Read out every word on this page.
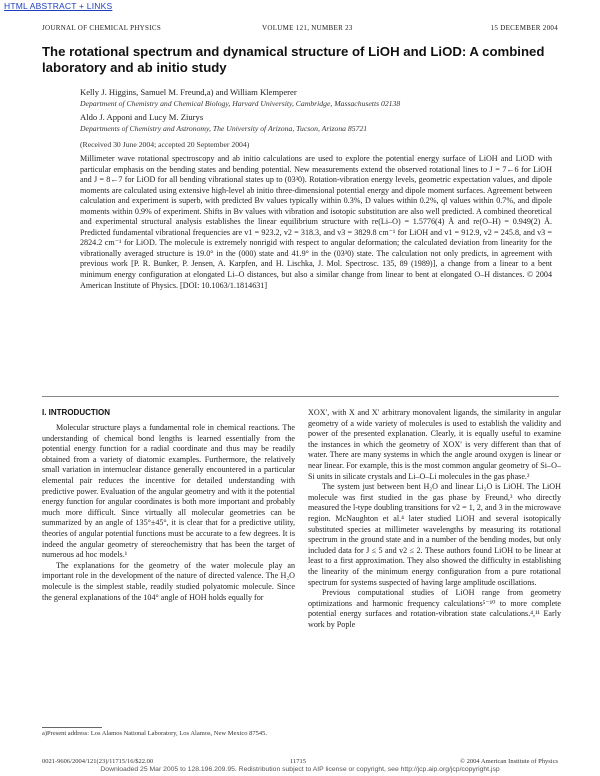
HTML ABSTRACT + LINKS
JOURNAL OF CHEMICAL PHYSICS	VOLUME 121, NUMBER 23	15 DECEMBER 2004
The rotational spectrum and dynamical structure of LiOH and LiOD: A combined laboratory and ab initio study
Kelly J. Higgins, Samuel M. Freund,a) and William Klemperer
Department of Chemistry and Chemical Biology, Harvard University, Cambridge, Massachusetts 02138
Aldo J. Apponi and Lucy M. Ziurys
Departments of Chemistry and Astronomy, The University of Arizona, Tucson, Arizona 85721
(Received 30 June 2004; accepted 20 September 2004)

Millimeter wave rotational spectroscopy and ab initio calculations are used to explore the potential energy surface of LiOH and LiOD with particular emphasis on the bending states and bending potential. New measurements extend the observed rotational lines to J = 7←6 for LiOH and J = 8←7 for LiOD for all bending vibrational states up to (03³0). Rotation-vibration energy levels, geometric expectation values, and dipole moments are calculated using extensive high-level ab initio three-dimensional potential energy and dipole moment surfaces. Agreement between calculation and experiment is superb, with predicted Bv values typically within 0.3%, D values within 0.2%, ql values within 0.7%, and dipole moments within 0.9% of experiment. Shifts in Bv values with vibration and isotopic substitution are also well predicted. A combined theoretical and experimental structural analysis establishes the linear equilibrium structure with re(Li–O) = 1.5776(4) Å and re(O–H) = 0.949(2) Å. Predicted fundamental vibrational frequencies are v1 = 923.2, v2 = 318.3, and v3 = 3829.8 cm⁻¹ for LiOH and v1 = 912.9, v2 = 245.8, and v3 = 2824.2 cm⁻¹ for LiOD. The molecule is extremely nonrigid with respect to angular deformation; the calculated deviation from linearity for the vibrationally averaged structure is 19.0° in the (000) state and 41.9° in the (03³0) state. The calculation not only predicts, in agreement with previous work [P. R. Bunker, P. Jensen, A. Karpfen, and H. Lischka, J. Mol. Spectrosc. 135, 89 (1989)], a change from a linear to a bent minimum energy configuration at elongated Li–O distances, but also a similar change from linear to bent at elongated O–H distances. © 2004 American Institute of Physics. [DOI: 10.1063/1.1814631]

I. INTRODUCTION

Molecular structure plays a fundamental role in chemical reactions. The understanding of chemical bond lengths is learned essentially from the potential energy function for a radial coordinate and thus may be readily obtained from a variety of diatomic examples. Furthermore, the relatively small variation in internuclear distance generally encountered in a particular elemental pair reduces the incentive for detailed understanding with predictive power. Evaluation of the angular geometry and with it the potential energy function for angular coordinates is both more important and probably much more difficult. Since virtually all molecular geometries can be summarized by an angle of 135°±45°, it is clear that for a predictive utility, theories of angular potential functions must be accurate to a few degrees. It is indeed the angular geometry of stereochemistry that has been the target of numerous ad hoc models.¹

The explanations for the geometry of the water molecule play an important role in the development of the nature of directed valence. The H₂O molecule is the simplest stable, readily studied polyatomic molecule. Since the general explanations of the 104° angle of HOH holds equally for

XOX′, with X and X′ arbitrary monovalent ligands, the similarity in angular geometry of a wide variety of molecules is used to establish the validity and power of the presented explanation. Clearly, it is equally useful to examine the instances in which the geometry of XOX′ is very different than that of water. There are many systems in which the angle around oxygen is linear or near linear. For example, this is the most common angular geometry of Si–O–Si units in silicate crystals and Li–O–Li molecules in the gas phase.²

The system just between bent H₂O and linear Li₂O is LiOH. The LiOH molecule was first studied in the gas phase by Freund,³ who directly measured the l-type doubling transitions for v2 = 1, 2, and 3 in the microwave region. McNaughton et al.⁴ later studied LiOH and several isotopically substituted species at millimeter wavelengths by measuring its rotational spectrum in the ground state and in a number of the bending modes, but only included data for J ≤ 5 and v2 ≤ 2. These authors found LiOH to be linear at least to a first approximation. They also showed the difficulty in establishing the linearity of the minimum energy configuration from a pure rotational spectrum for systems suspected of having large amplitude oscillations.

Previous computational studies of LiOH range from geometry optimizations and harmonic frequency calculations⁵⁻¹⁰ to more complete potential energy surfaces and rotation-vibration state calculations.⁴,¹¹ Early work by Pople

a)Present address: Los Alamos National Laboratory, Los Alamos, New Mexico 87545.
0021-9606/2004/121(23)/11715/16/$22.00	11715	© 2004 American Institute of Physics
Downloaded 25 Mar 2005 to 128.196.209.95. Redistribution subject to AIP license or copyright, see http://jcp.aip.org/jcp/copyright.jsp
